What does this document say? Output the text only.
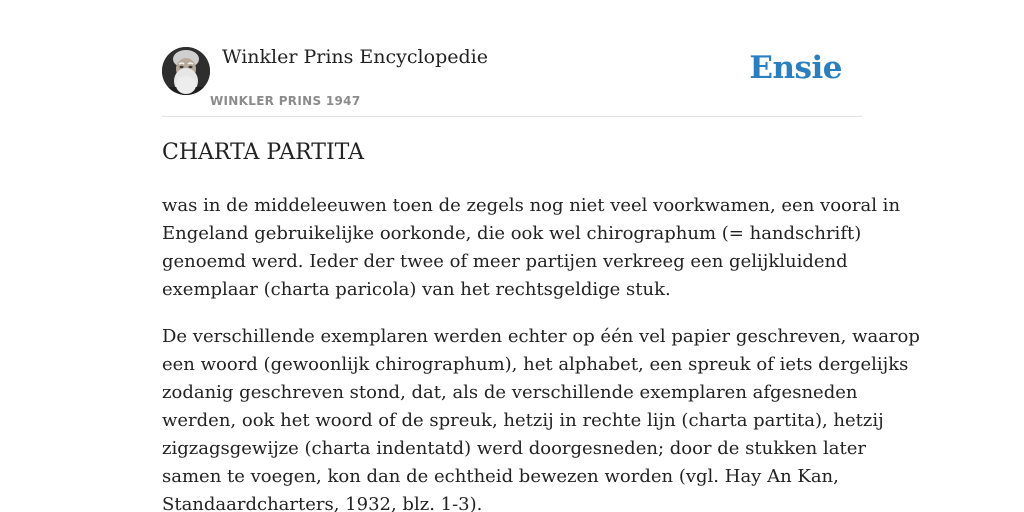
Winkler Prins Encyclopedie
WINKLER PRINS 1947
Ensie
CHARTA PARTITA

was in de middeleeuwen toen de zegels nog niet veel voorkwamen, een vooral in
Engeland gebruikelijke oorkonde, die ook wel chirographum (= handschrift)
genoemd werd. Ieder der twee of meer partijen verkreeg een gelijkluidend
exemplaar (charta paricola) van het rechtsgeldige stuk.

De verschillende exemplaren werden echter op één vel papier geschreven, waarop
een woord (gewoonlijk chirographum), het alphabet, een spreuk of iets dergelijks
zodanig geschreven stond, dat, als de verschillende exemplaren afgesneden
werden, ook het woord of de spreuk, hetzij in rechte lijn (charta partita), hetzij
zigzagsgewijze (charta indentatd) werd doorgesneden; door de stukken later
samen te voegen, kon dan de echtheid bewezen worden (vgl. Hay An Kan,
Standaardcharters, 1932, blz. 1-3).
